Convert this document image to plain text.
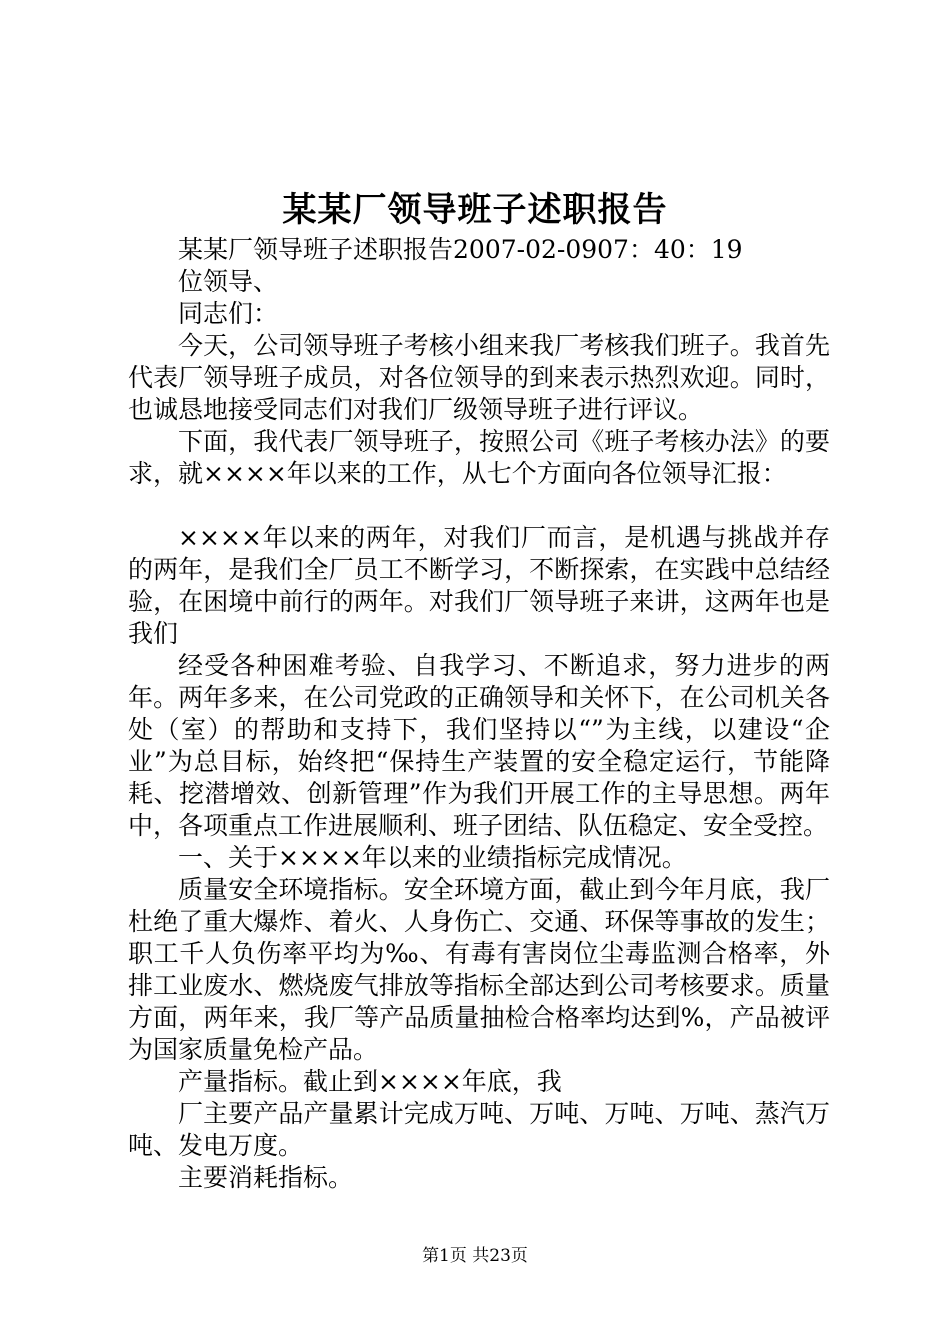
某某厂领导班子述职报告

某某厂领导班子述职报告2007-02-0907：40：19

位领导、

同志们：

今天，公司领导班子考核小组来我厂考核我们班子。我首先代表厂领导班子成员，对各位领导的到来表示热烈欢迎。同时，也诚恳地接受同志们对我们厂级领导班子进行评议。

下面，我代表厂领导班子，按照公司《班子考核办法》的要求，就××××年以来的工作，从七个方面向各位领导汇报：

××××年以来的两年，对我们厂而言，是机遇与挑战并存的两年，是我们全厂员工不断学习，不断探索，在实践中总结经验，在困境中前行的两年。对我们厂领导班子来讲，这两年也是我们

经受各种困难考验、自我学习、不断追求，努力进步的两年。两年多来，在公司党政的正确领导和关怀下，在公司机关各处（室）的帮助和支持下，我们坚持以“”为主线，以建设“企业”为总目标，始终把“保持生产装置的安全稳定运行，节能降耗、挖潜增效、创新管理”作为我们开展工作的主导思想。两年中，各项重点工作进展顺利、班子团结、队伍稳定、安全受控。

一、关于××××年以来的业绩指标完成情况。

质量安全环境指标。安全环境方面，截止到今年月底，我厂杜绝了重大爆炸、着火、人身伤亡、交通、环保等事故的发生；职工千人负伤率平均为‰、有毒有害岗位尘毒监测合格率，外排工业废水、燃烧废气排放等指标全部达到公司考核要求。质量方面，两年来，我厂等产品质量抽检合格率均达到%，产品被评为国家质量免检产品。

产量指标。截止到××××年底，我

厂主要产品产量累计完成万吨、万吨、万吨、万吨、蒸汽万吨、发电万度。

主要消耗指标。

第1页 共23页
